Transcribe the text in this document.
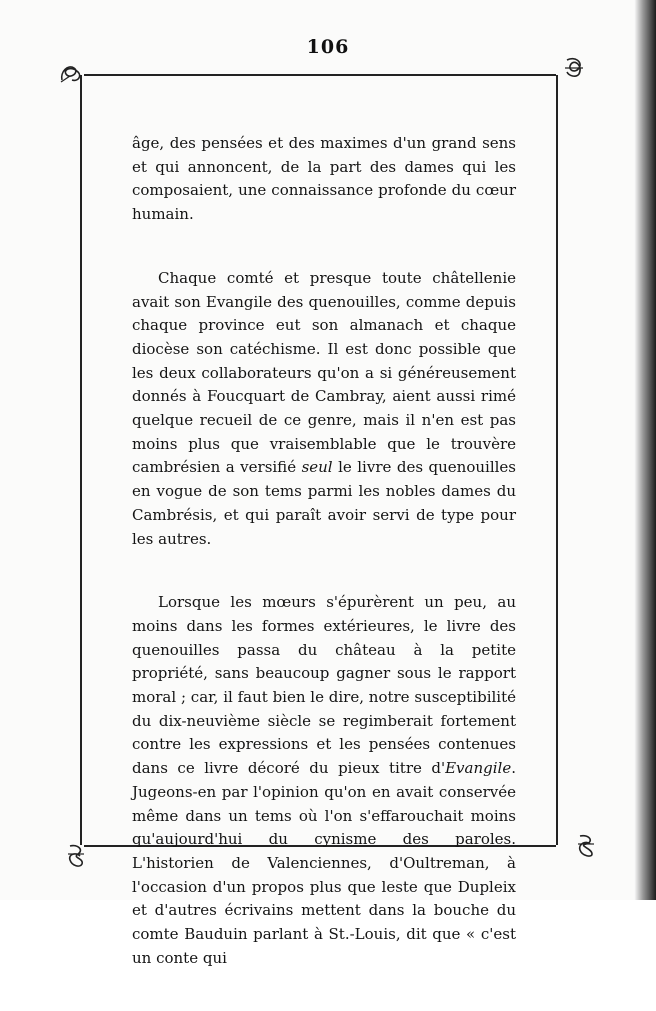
106

âge, des pensées et des maximes d'un grand sens et qui annoncent, de la part des dames qui les composaient, une connaissance profonde du cœur humain.

Chaque comté et presque toute châtellenie avait son Evangile des quenouilles, comme depuis chaque province eut son almanach et chaque diocèse son catéchisme. Il est donc possible que les deux collaborateurs qu'on a si généreusement donnés à Foucquart de Cambray, aient aussi rimé quelque recueil de ce genre, mais il n'en est pas moins plus que vraisemblable que le trouvère cambrésien a versifié seul le livre des quenouilles en vogue de son tems parmi les nobles dames du Cambrésis, et qui paraît avoir servi de type pour les autres.

Lorsque les mœurs s'épurèrent un peu, au moins dans les formes extérieures, le livre des quenouilles passa du château à la petite propriété, sans beaucoup gagner sous le rapport moral ; car, il faut bien le dire, notre susceptibilité du dix-neuvième siècle se regimberait fortement contre les expressions et les pensées contenues dans ce livre décoré du pieux titre d'Evangile. Jugeons-en par l'opinion qu'on en avait conservée même dans un tems où l'on s'effarouchait moins qu'aujourd'hui du cynisme des paroles. L'historien de Valenciennes, d'Oultreman, à l'occasion d'un propos plus que leste que Dupleix et d'autres écrivains mettent dans la bouche du comte Bauduin parlant à St.-Louis, dit que « c'est un conte qui
